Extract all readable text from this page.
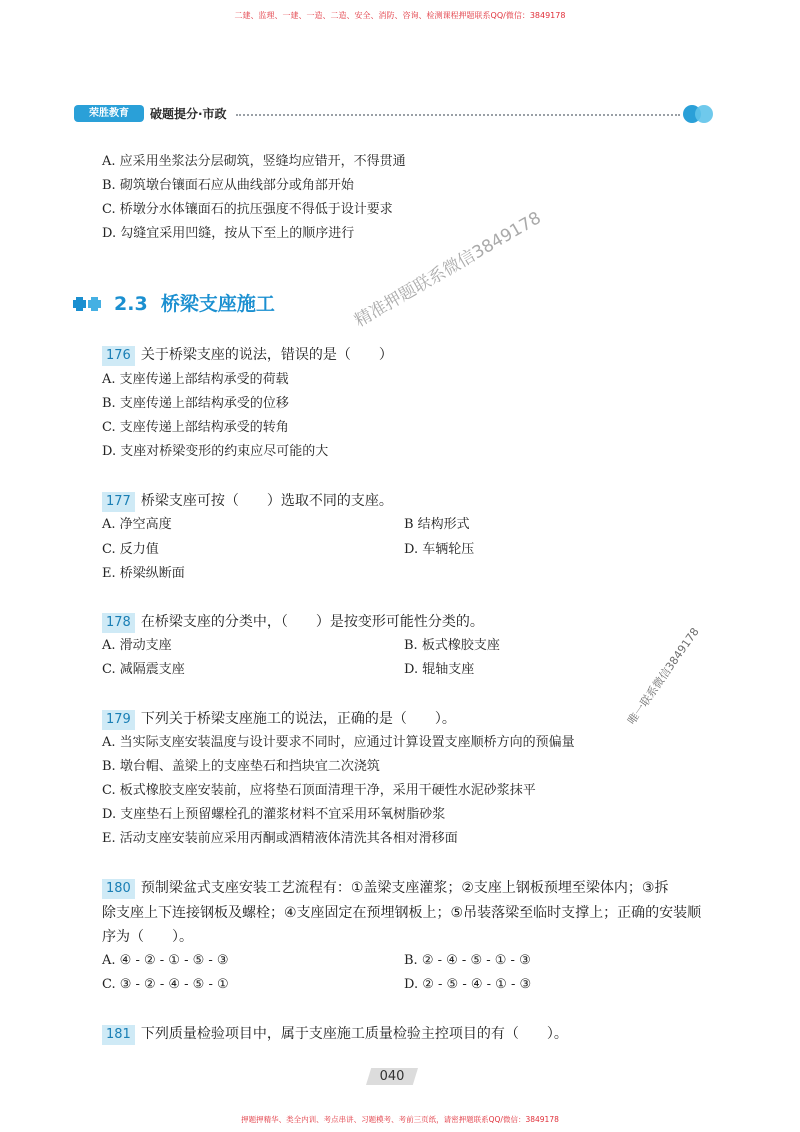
二建、监理、一建、一造、二造、安全、消防、咨询、检测课程押题联系QQ/微信：3849178
荣胜教育	破题提分·市政
A. 应采用坐浆法分层砌筑，竖缝均应错开，不得贯通
B. 砌筑墩台镶面石应从曲线部分或角部开始
C. 桥墩分水体镶面石的抗压强度不得低于设计要求
D. 勾缝宜采用凹缝，按从下至上的顺序进行
2.3 桥梁支座施工	精准押题联系微信3849178
176 关于桥梁支座的说法，错误的是（　　）
A. 支座传递上部结构承受的荷载
B. 支座传递上部结构承受的位移
C. 支座传递上部结构承受的转角
D. 支座对桥梁变形的约束应尽可能的大
177 桥梁支座可按（　　）选取不同的支座。
A. 净空高度	B 结构形式
C. 反力值	D. 车辆轮压
E. 桥梁纵断面
178 在桥梁支座的分类中，（　　）是按变形可能性分类的。
A. 滑动支座	B. 板式橡胶支座
C. 减隔震支座	D. 辊轴支座	唯一联系微信3849178
179 下列关于桥梁支座施工的说法，正确的是（　　）。
A. 当实际支座安装温度与设计要求不同时，应通过计算设置支座顺桥方向的预偏量
B. 墩台帽、盖梁上的支座垫石和挡块宜二次浇筑
C. 板式橡胶支座安装前，应将垫石顶面清理干净，采用干硬性水泥砂浆抹平
D. 支座垫石上预留螺栓孔的灌浆材料不宜采用环氧树脂砂浆
E. 活动支座安装前应采用丙酮或酒精液体清洗其各相对滑移面
180 预制梁盆式支座安装工艺流程有：①盖梁支座灌浆；②支座上钢板预埋至梁体内；③拆
除支座上下连接钢板及螺栓；④支座固定在预埋钢板上；⑤吊装落梁至临时支撑上；正确的安装顺
序为（　　）。
A. ④ - ② - ① - ⑤ - ③	B. ② - ④ - ⑤ - ① - ③
C. ③ - ② - ④ - ⑤ - ①	D. ② - ⑤ - ④ - ① - ③
181 下列质量检验项目中，属于支座施工质量检验主控项目的有（　　）。
040
押题押精华、类全内训、考点串讲、习题模考、考前三页纸，请密押题联系QQ/微信：3849178
